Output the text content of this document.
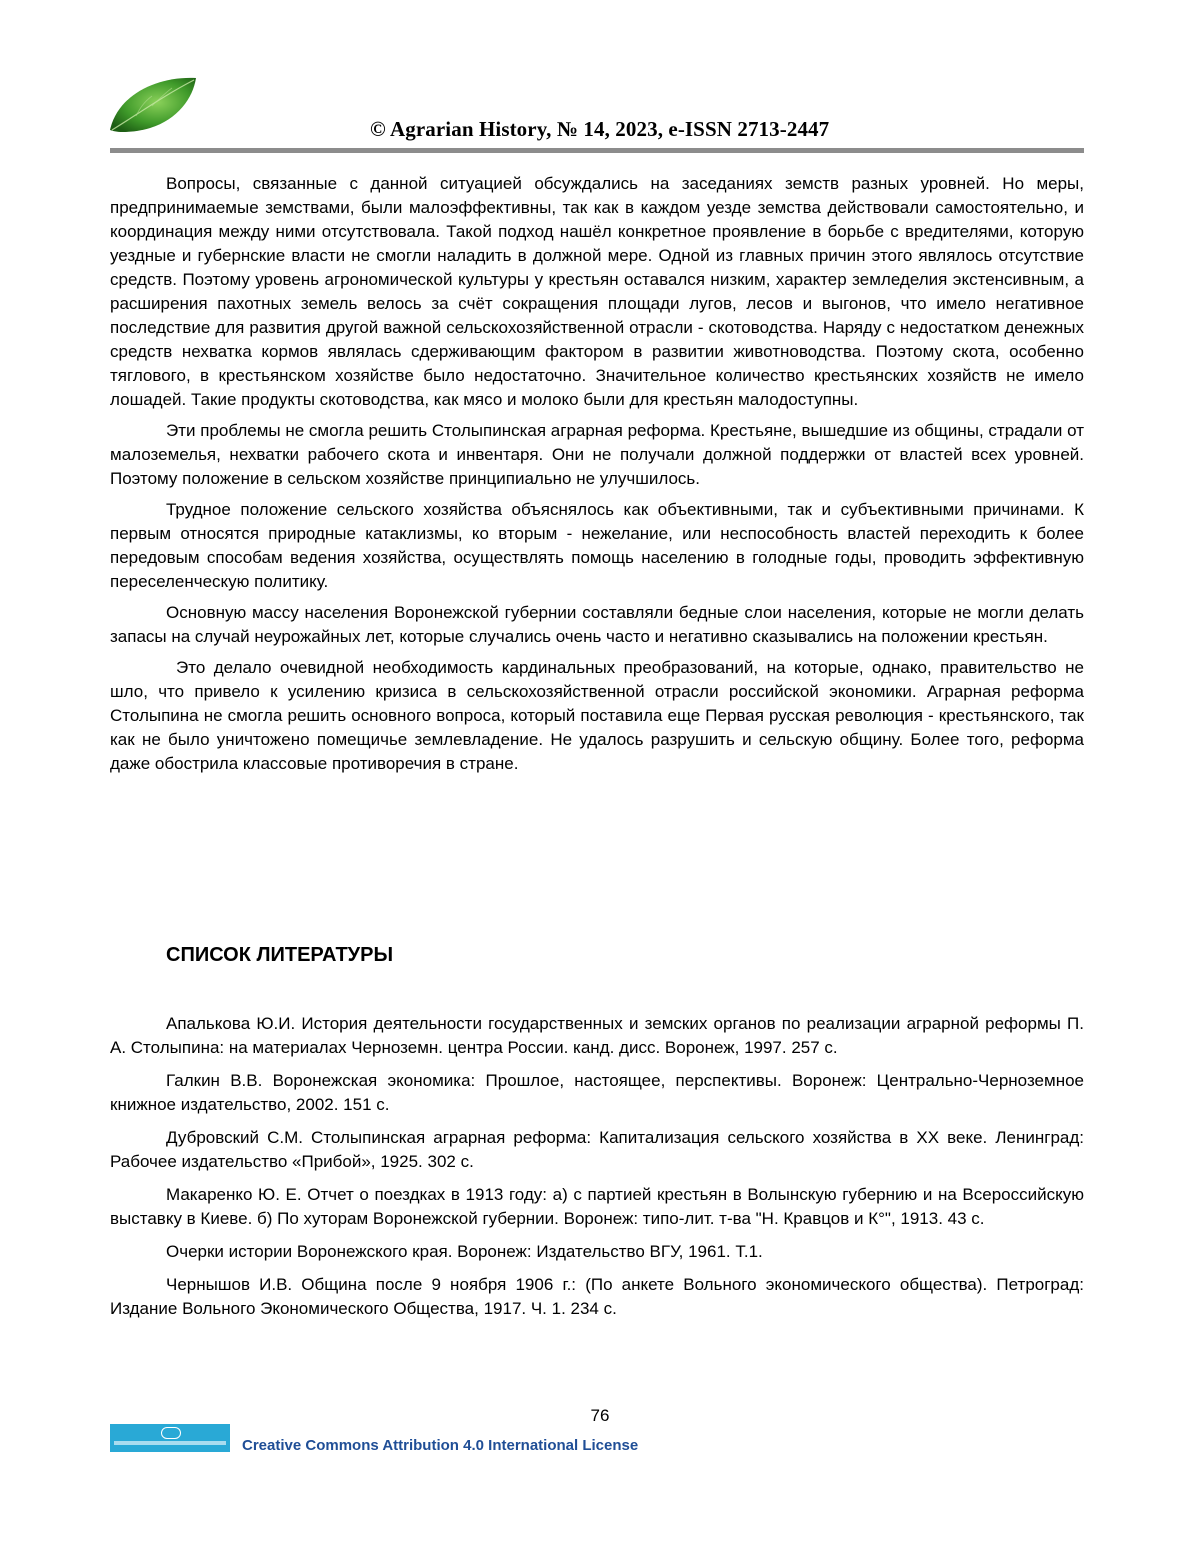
© Agrarian History, № 14, 2023, e-ISSN 2713-2447

Вопросы, связанные с данной ситуацией обсуждались на заседаниях земств разных уровней. Но меры, предпринимаемые земствами, были малоэффективны, так как в каждом уезде земства действовали самостоятельно, и координация между ними отсутствовала. Такой подход нашёл конкретное проявление в борьбе с вредителями, которую уездные и губернские власти не смогли наладить в должной мере. Одной из главных причин этого являлось отсутствие средств. Поэтому уровень агрономической культуры у крестьян оставался низким, характер земледелия экстенсивным, а расширения пахотных земель велось за счёт сокращения площади лугов, лесов и выгонов, что имело негативное последствие для развития другой важной сельскохозяйственной отрасли - скотоводства. Наряду с недостатком денежных средств нехватка кормов являлась сдерживающим фактором в развитии животноводства. Поэтому скота, особенно тяглового, в крестьянском хозяйстве было недостаточно. Значительное количество крестьянских хозяйств не имело лошадей. Такие продукты скотоводства, как мясо и молоко были для крестьян малодоступны.

Эти проблемы не смогла решить Столыпинская аграрная реформа. Крестьяне, вышедшие из общины, страдали от малоземелья, нехватки рабочего скота и инвентаря. Они не получали должной поддержки от властей всех уровней. Поэтому положение в сельском хозяйстве принципиально не улучшилось.

Трудное положение сельского хозяйства объяснялось как объективными, так и субъективными причинами. К первым относятся природные катаклизмы, ко вторым - нежелание, или неспособность властей переходить к более передовым способам ведения хозяйства, осуществлять помощь населению в голодные годы, проводить эффективную переселенческую политику.

Основную массу населения Воронежской губернии составляли бедные слои населения, которые не могли делать запасы на случай неурожайных лет, которые случались очень часто и негативно сказывались на положении крестьян.

Это делало очевидной необходимость кардинальных преобразований, на которые, однако, правительство не шло, что привело к усилению кризиса в сельскохозяйственной отрасли российской экономики. Аграрная реформа Столыпина не смогла решить основного вопроса, который поставила еще Первая русская революция - крестьянского, так как не было уничтожено помещичье землевладение. Не удалось разрушить и сельскую общину. Более того, реформа даже обострила классовые противоречия в стране.

СПИСОК ЛИТЕРАТУРЫ

Апалькова Ю.И. История деятельности государственных и земских органов по реализации аграрной реформы П. А. Столыпина: на материалах Черноземн. центра России. канд. дисс. Воронеж, 1997. 257 с.

Галкин В.В. Воронежская экономика: Прошлое, настоящее, перспективы. Воронеж: Центрально-Черноземное книжное издательство, 2002. 151 с.

Дубровский С.М. Столыпинская аграрная реформа: Капитализация сельского хозяйства в XX веке. Ленинград: Рабочее издательство «Прибой», 1925. 302 с.

Макаренко Ю. Е. Отчет о поездках в 1913 году: а) с партией крестьян в Волынскую губернию и на Всероссийскую выставку в Киеве. б) По хуторам Воронежской губернии. Воронеж: типо-лит. т-ва "Н. Кравцов и К°", 1913. 43 с.

Очерки истории Воронежского края. Воронеж: Издательство ВГУ, 1961. Т.1.

Чернышов И.В. Община после 9 ноября 1906 г.: (По анкете Вольного экономического общества). Петроград: Издание Вольного Экономического Общества, 1917. Ч. 1. 234 с.

76
Creative Commons Attribution 4.0 International License
